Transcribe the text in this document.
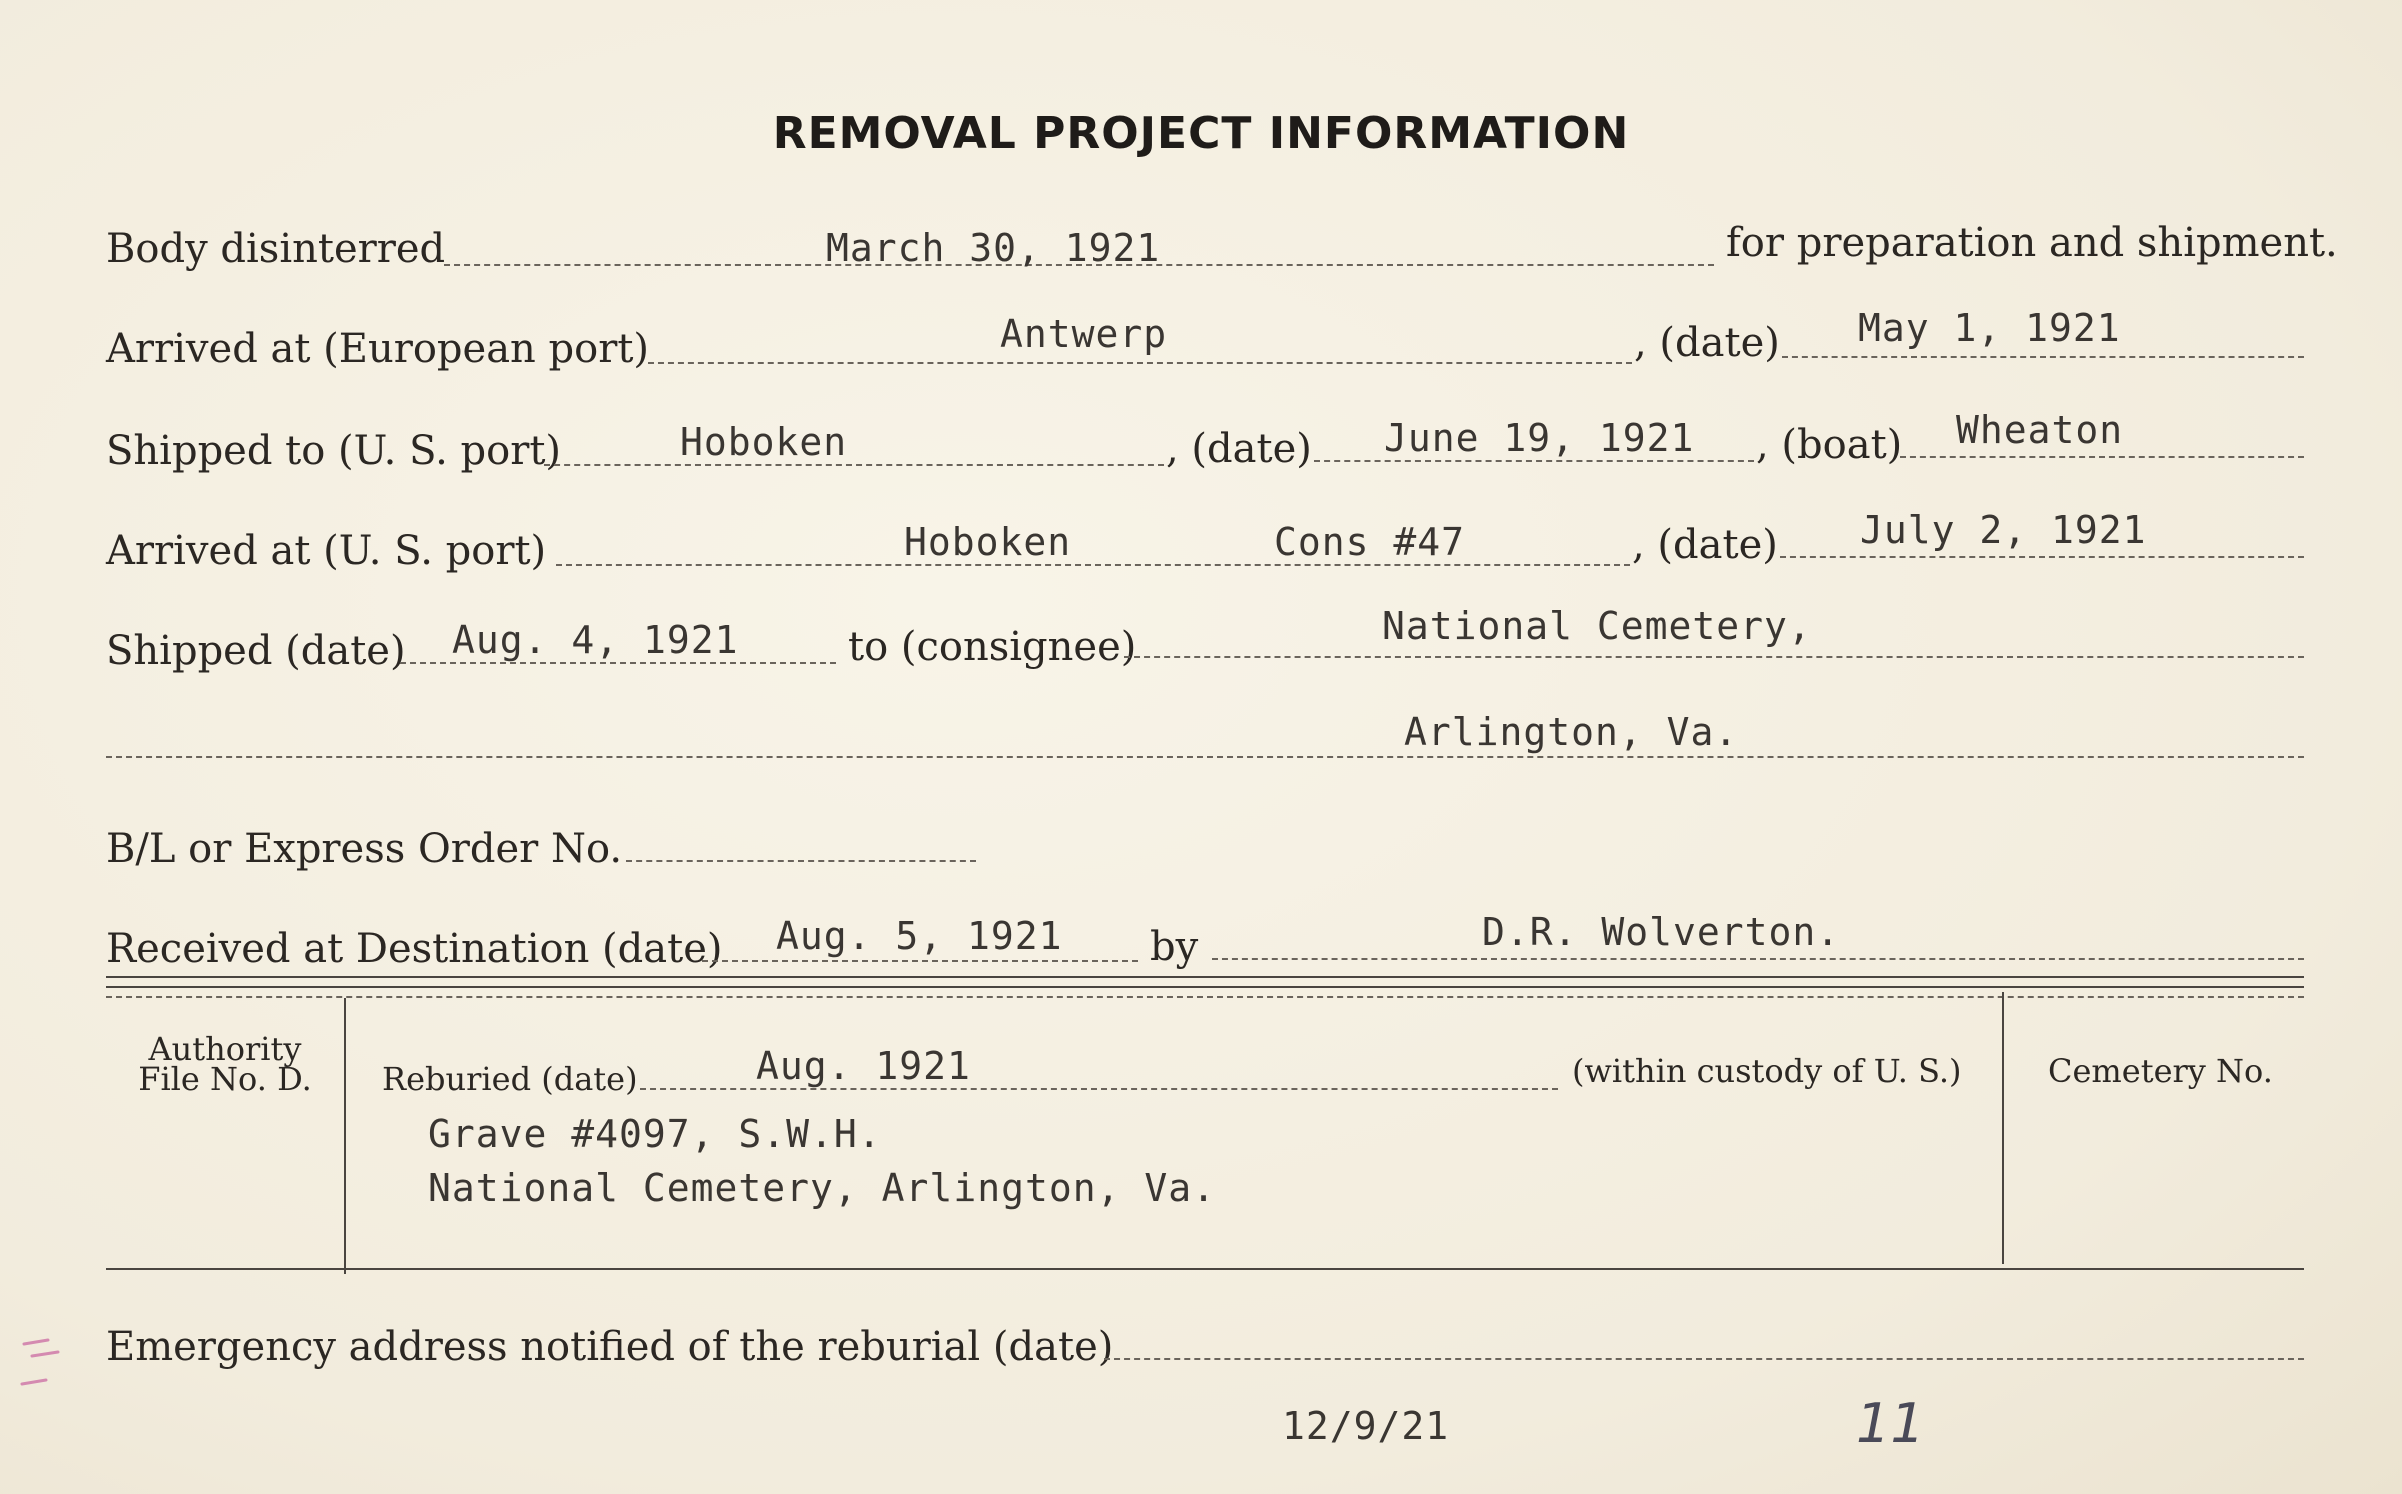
REMOVAL PROJECT INFORMATION
Body disinterred	March 30, 1921	for preparation and shipment.
Arrived at (European port)	Antwerp	, (date) May 1, 1921
Shipped to (U. S. port)	Hoboken	, (date) June 19, 1921 , (boat) Wheaton
Arrived at (U. S. port)	Hoboken	Cons #47	, (date) July 2, 1921
Shipped (date) Aug. 4, 1921	to (consignee)	National Cemetery,
Arlington, Va.
B/L or Express Order No.
Received at Destination (date) Aug. 5, 1921 by	D.R. Wolverton.
Authority
File No. D.	Reburied (date)	Aug. 1921	(within custody of U. S.)
Grave #4097, S.W.H.
National Cemetery, Arlington, Va.
Cemetery No.
Emergency address notified of the reburial (date)
12/9/21	11
